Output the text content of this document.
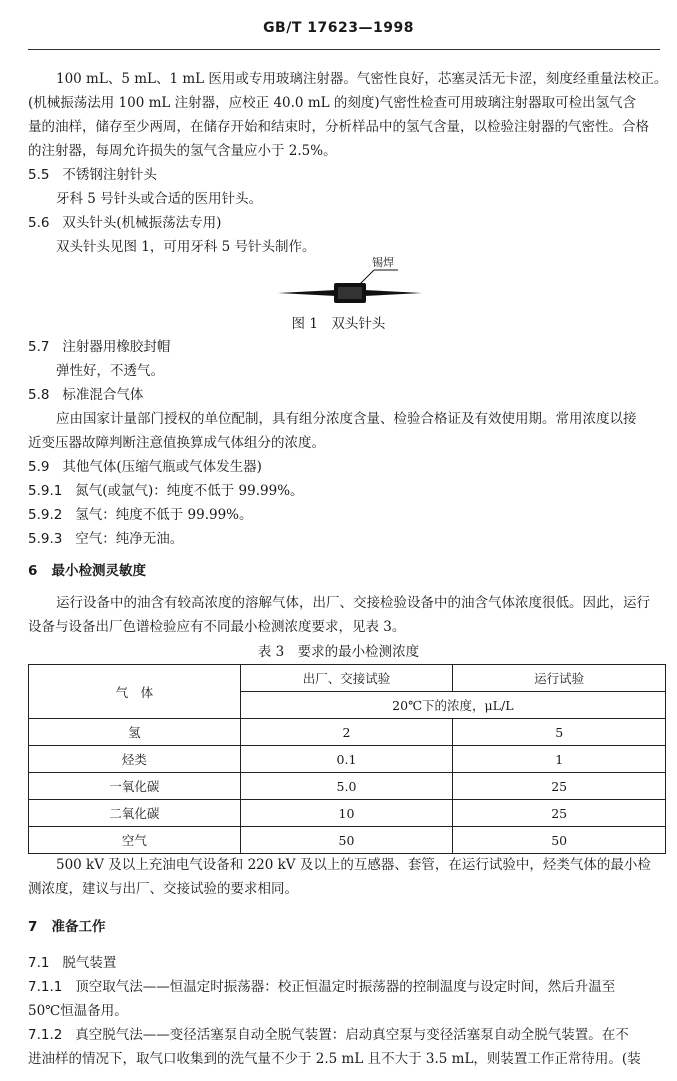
GB/T 17623—1998
100 mL、5 mL、1 mL 医用或专用玻璃注射器。气密性良好，芯塞灵活无卡涩，刻度经重量法校正。
(机械振荡法用 100 mL 注射器，应校正 40.0 mL 的刻度)气密性检查可用玻璃注射器取可检出氢气含
量的油样，储存至少两周，在储存开始和结束时，分析样品中的氢气含量，以检验注射器的气密性。合格
的注射器，每周允许损失的氢气含量应小于 2.5%。
5.5 不锈钢注射针头
牙科 5 号针头或合适的医用针头。
5.6 双头针头(机械振荡法专用)
双头针头见图 1，可用牙科 5 号针头制作。
锡焊
图 1　双头针头
5.7 注射器用橡胶封帽
弹性好，不透气。
5.8 标准混合气体
应由国家计量部门授权的单位配制，具有组分浓度含量、检验合格证及有效使用期。常用浓度以接
近变压器故障判断注意值换算成气体组分的浓度。
5.9 其他气体(压缩气瓶或气体发生器)
5.9.1 氮气(或氩气)：纯度不低于 99.99%。
5.9.2 氢气：纯度不低于 99.99%。
5.9.3 空气：纯净无油。
6 最小检测灵敏度
运行设备中的油含有较高浓度的溶解气体，出厂、交接检验设备中的油含气体浓度很低。因此，运行
设备与设备出厂色谱检验应有不同最小检测浓度要求，见表 3。
表 3　要求的最小检测浓度
气　体	出厂、交接试验	运行试验
	20℃下的浓度，μL/L	
氢	2	5
烃类	0.1	1
一氧化碳	5.0	25
二氧化碳	10	25
空气	50	50
500 kV 及以上充油电气设备和 220 kV 及以上的互感器、套管，在运行试验中，烃类气体的最小检
测浓度，建议与出厂、交接试验的要求相同。
7 准备工作
7.1 脱气装置
7.1.1 顶空取气法——恒温定时振荡器：校正恒温定时振荡器的控制温度与设定时间，然后升温至
50℃恒温备用。
7.1.2 真空脱气法——变径活塞泵自动全脱气装置：启动真空泵与变径活塞泵自动全脱气装置。在不
进油样的情况下，取气口收集到的洗气量不少于 2.5 mL 且不大于 3.5 mL，则装置工作正常待用。(装
